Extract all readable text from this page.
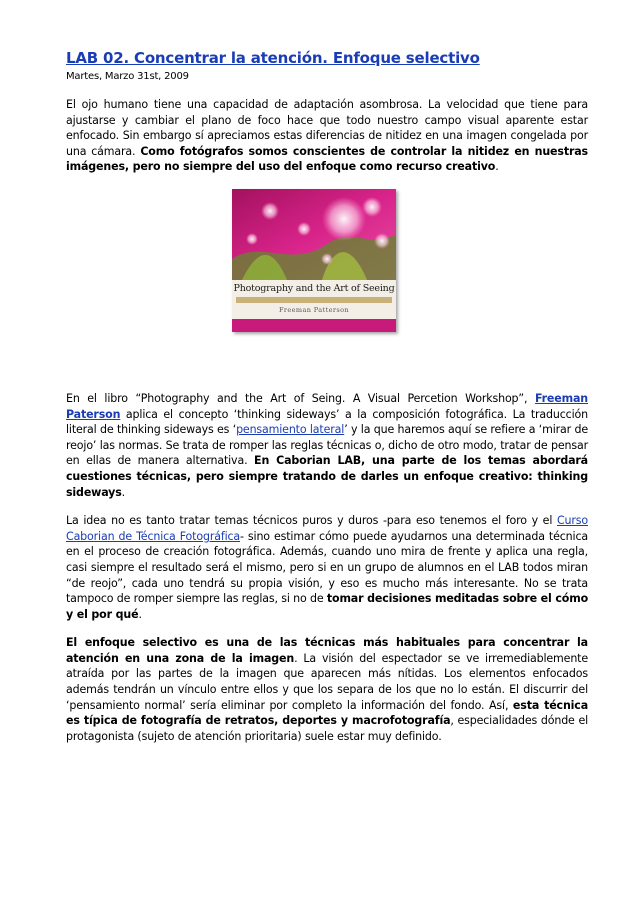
LAB 02. Concentrar la atención. Enfoque selectivo
Martes, Marzo 31st, 2009

El ojo humano tiene una capacidad de adaptación asombrosa. La velocidad que tiene para ajustarse y cambiar el plano de foco hace que todo nuestro campo visual aparente estar enfocado. Sin embargo sí apreciamos estas diferencias de nitidez en una imagen congelada por una cámara. Como fotógrafos somos conscientes de controlar la nitidez en nuestras imágenes, pero no siempre del uso del enfoque como recurso creativo.

Photography and the Art of Seeing
Freeman Patterson

En el libro “Photography and the Art of Seing. A Visual Percetion Workshop”, Freeman Paterson aplica el concepto ‘thinking sideways’ a la composición fotográfica. La traducción literal de thinking sideways es ‘pensamiento lateral’ y la que haremos aquí se refiere a ‘mirar de reojo’ las normas. Se trata de romper las reglas técnicas o, dicho de otro modo, tratar de pensar en ellas de manera alternativa. En Caborian LAB, una parte de los temas abordará cuestiones técnicas, pero siempre tratando de darles un enfoque creativo: thinking sideways.

La idea no es tanto tratar temas técnicos puros y duros -para eso tenemos el foro y el Curso Caborian de Técnica Fotográfica- sino estimar cómo puede ayudarnos una determinada técnica en el proceso de creación fotográfica. Además, cuando uno mira de frente y aplica una regla, casi siempre el resultado será el mismo, pero si en un grupo de alumnos en el LAB todos miran “de reojo”, cada uno tendrá su propia visión, y eso es mucho más interesante. No se trata tampoco de romper siempre las reglas, si no de tomar decisiones meditadas sobre el cómo y el por qué.

El enfoque selectivo es una de las técnicas más habituales para concentrar la atención en una zona de la imagen. La visión del espectador se ve irremediablemente atraída por las partes de la imagen que aparecen más nítidas. Los elementos enfocados además tendrán un vínculo entre ellos y que los separa de los que no lo están. El discurrir del ‘pensamiento normal’ sería eliminar por completo la información del fondo. Así, esta técnica es típica de fotografía de retratos, deportes y macrofotografía, especialidades dónde el protagonista (sujeto de atención prioritaria) suele estar muy definido.
